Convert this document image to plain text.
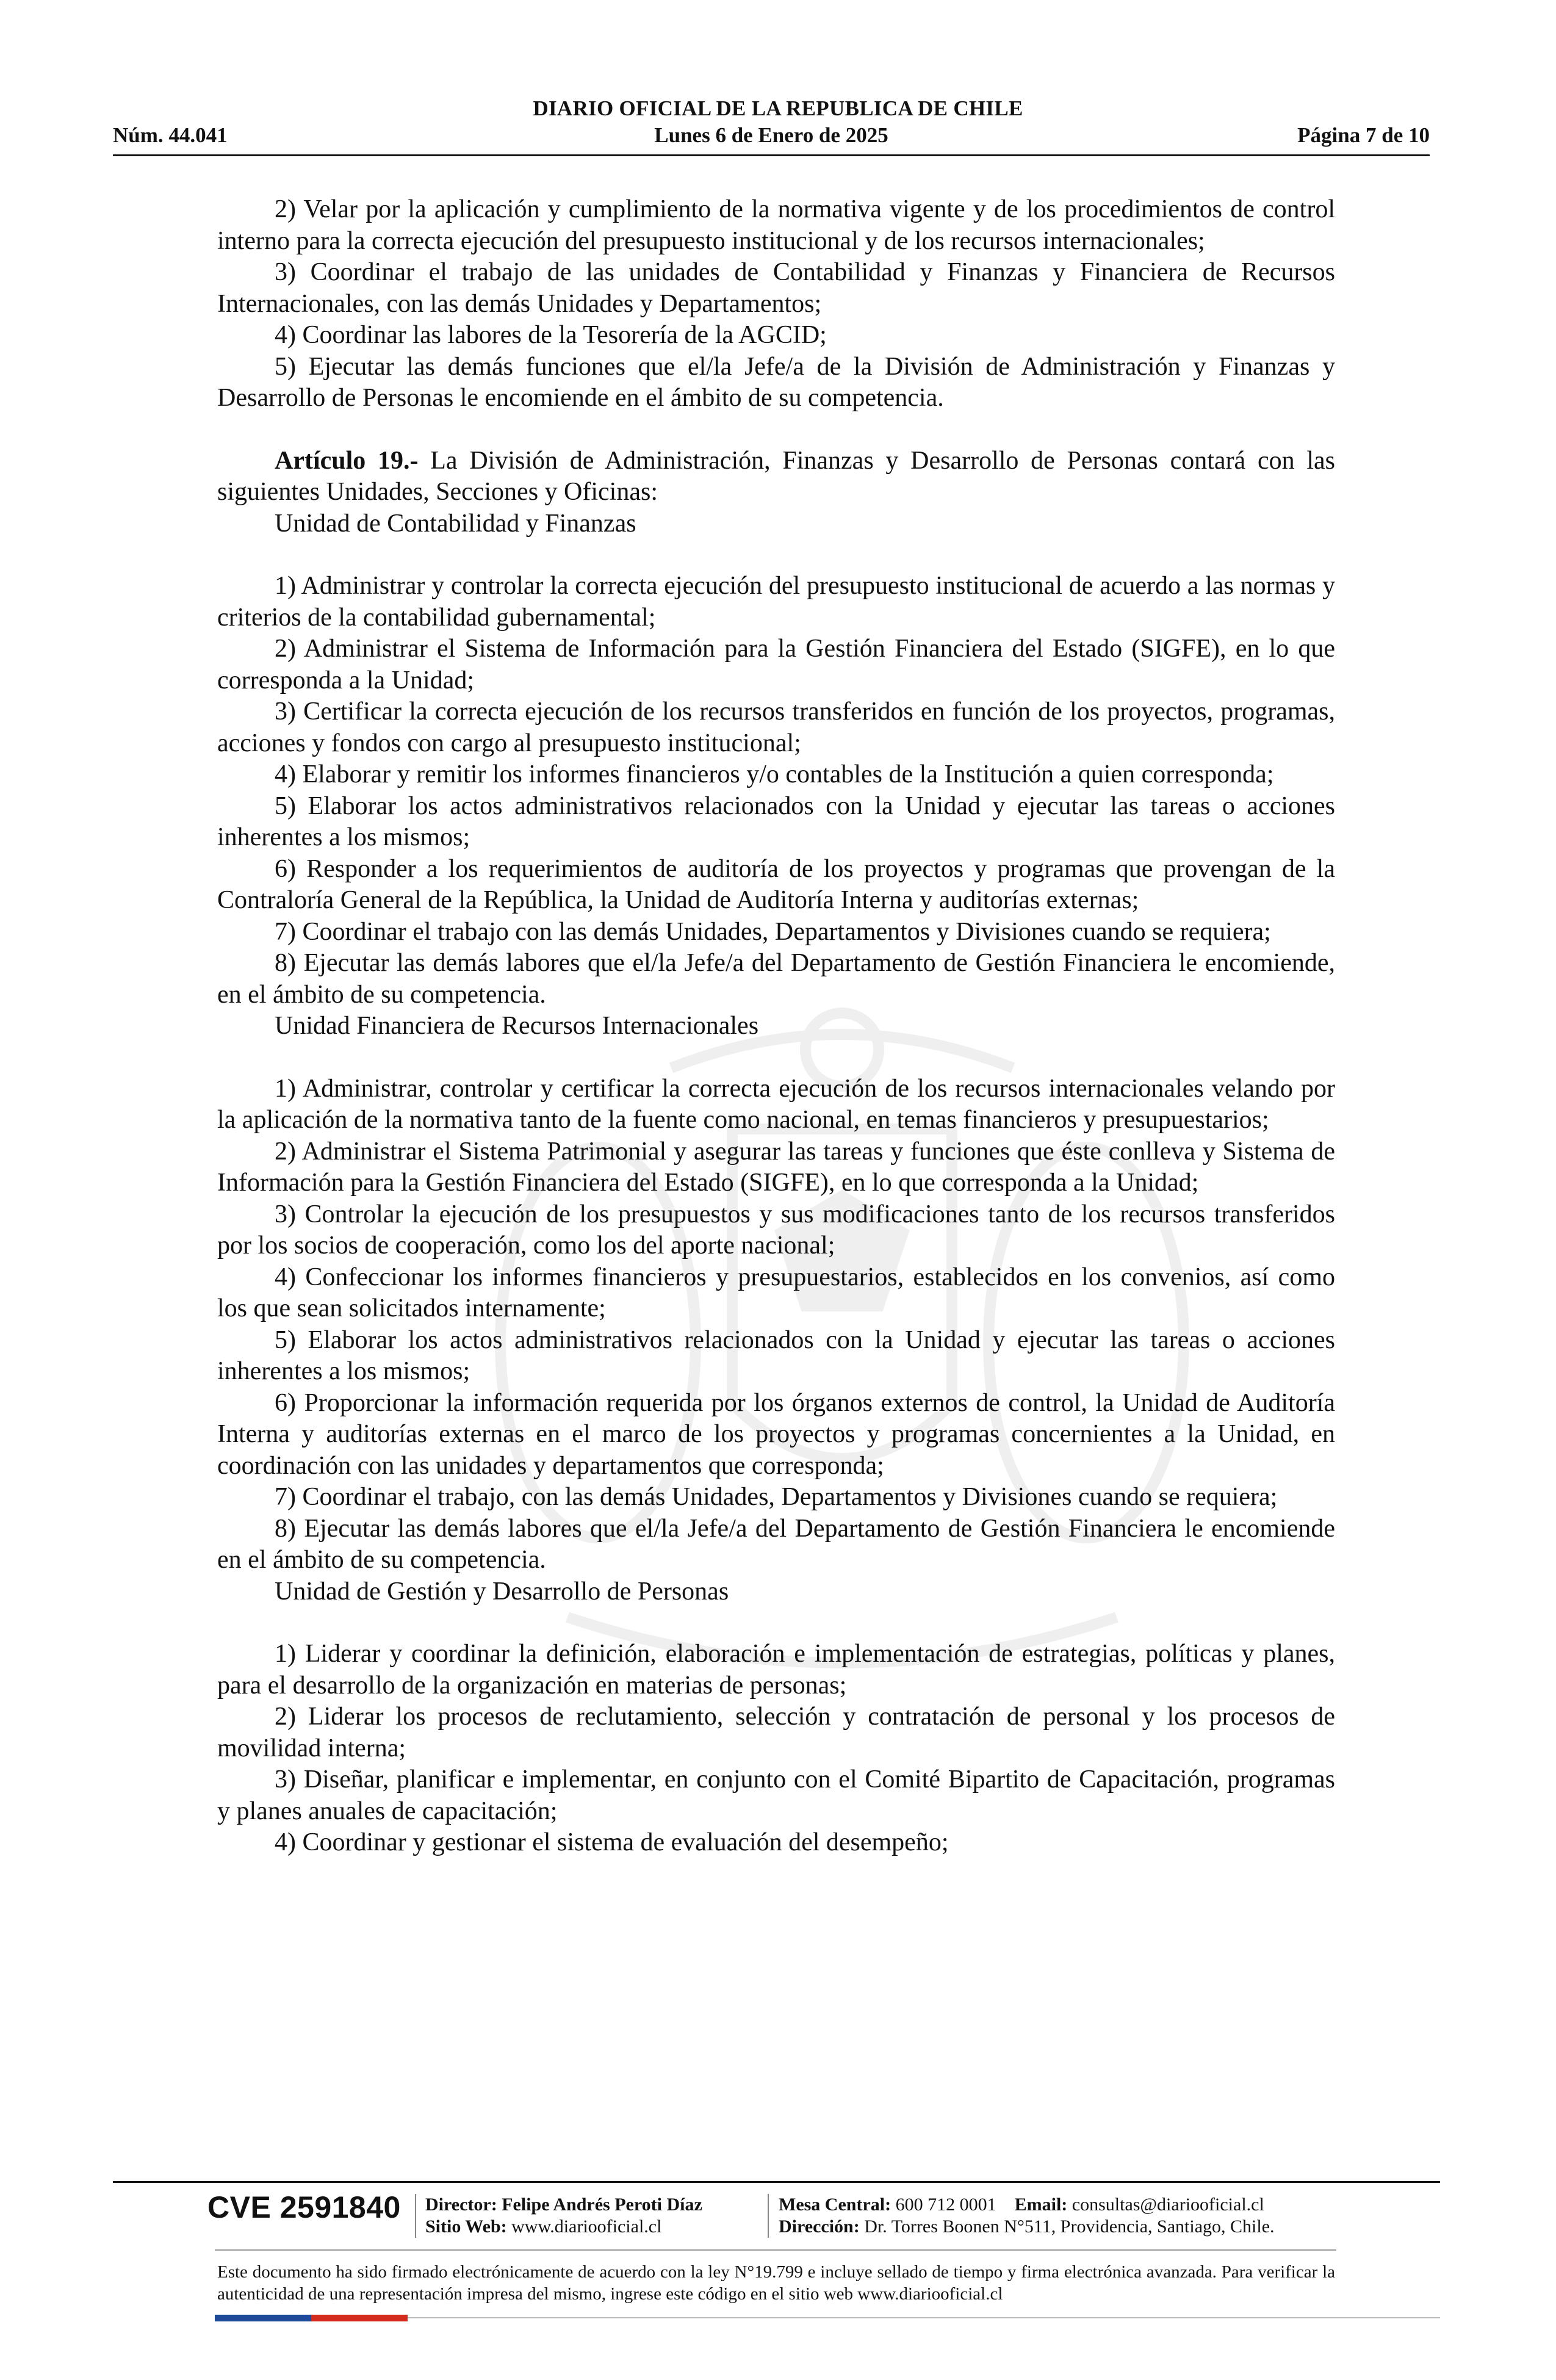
DIARIO OFICIAL DE LA REPUBLICA DE CHILE
Núm. 44.041	Lunes 6 de Enero de 2025	Página 7 de 10

2) Velar por la aplicación y cumplimiento de la normativa vigente y de los procedimientos de control interno para la correcta ejecución del presupuesto institucional y de los recursos internacionales;

3) Coordinar el trabajo de las unidades de Contabilidad y Finanzas y Financiera de Recursos Internacionales, con las demás Unidades y Departamentos;

4) Coordinar las labores de la Tesorería de la AGCID;

5) Ejecutar las demás funciones que el/la Jefe/a de la División de Administración y Finanzas y Desarrollo de Personas le encomiende en el ámbito de su competencia.

Artículo 19.- La División de Administración, Finanzas y Desarrollo de Personas contará con las siguientes Unidades, Secciones y Oficinas:

Unidad de Contabilidad y Finanzas

1) Administrar y controlar la correcta ejecución del presupuesto institucional de acuerdo a las normas y criterios de la contabilidad gubernamental;

2) Administrar el Sistema de Información para la Gestión Financiera del Estado (SIGFE), en lo que corresponda a la Unidad;

3) Certificar la correcta ejecución de los recursos transferidos en función de los proyectos, programas, acciones y fondos con cargo al presupuesto institucional;

4) Elaborar y remitir los informes financieros y/o contables de la Institución a quien corresponda;

5) Elaborar los actos administrativos relacionados con la Unidad y ejecutar las tareas o acciones inherentes a los mismos;

6) Responder a los requerimientos de auditoría de los proyectos y programas que provengan de la Contraloría General de la República, la Unidad de Auditoría Interna y auditorías externas;

7) Coordinar el trabajo con las demás Unidades, Departamentos y Divisiones cuando se requiera;

8) Ejecutar las demás labores que el/la Jefe/a del Departamento de Gestión Financiera le encomiende, en el ámbito de su competencia.

Unidad Financiera de Recursos Internacionales

1) Administrar, controlar y certificar la correcta ejecución de los recursos internacionales velando por la aplicación de la normativa tanto de la fuente como nacional, en temas financieros y presupuestarios;

2) Administrar el Sistema Patrimonial y asegurar las tareas y funciones que éste conlleva y Sistema de Información para la Gestión Financiera del Estado (SIGFE), en lo que corresponda a la Unidad;

3) Controlar la ejecución de los presupuestos y sus modificaciones tanto de los recursos transferidos por los socios de cooperación, como los del aporte nacional;

4) Confeccionar los informes financieros y presupuestarios, establecidos en los convenios, así como los que sean solicitados internamente;

5) Elaborar los actos administrativos relacionados con la Unidad y ejecutar las tareas o acciones inherentes a los mismos;

6) Proporcionar la información requerida por los órganos externos de control, la Unidad de Auditoría Interna y auditorías externas en el marco de los proyectos y programas concernientes a la Unidad, en coordinación con las unidades y departamentos que corresponda;

7) Coordinar el trabajo, con las demás Unidades, Departamentos y Divisiones cuando se requiera;

8) Ejecutar las demás labores que el/la Jefe/a del Departamento de Gestión Financiera le encomiende en el ámbito de su competencia.

Unidad de Gestión y Desarrollo de Personas

1) Liderar y coordinar la definición, elaboración e implementación de estrategias, políticas y planes, para el desarrollo de la organización en materias de personas;

2) Liderar los procesos de reclutamiento, selección y contratación de personal y los procesos de movilidad interna;

3) Diseñar, planificar e implementar, en conjunto con el Comité Bipartito de Capacitación, programas y planes anuales de capacitación;

4) Coordinar y gestionar el sistema de evaluación del desempeño;

CVE 2591840 Director: Felipe Andrés Peroti Díaz
Sitio Web: www.diariooficial.cl
Mesa Central: 600 712 0001 Email: consultas@diariooficial.cl
Dirección: Dr. Torres Boonen N°511, Providencia, Santiago, Chile.
Este documento ha sido firmado electrónicamente de acuerdo con la ley N°19.799 e incluye sellado de tiempo y firma electrónica avanzada. Para verificar la autenticidad de una representación impresa del mismo, ingrese este código en el sitio web www.diariooficial.cl
